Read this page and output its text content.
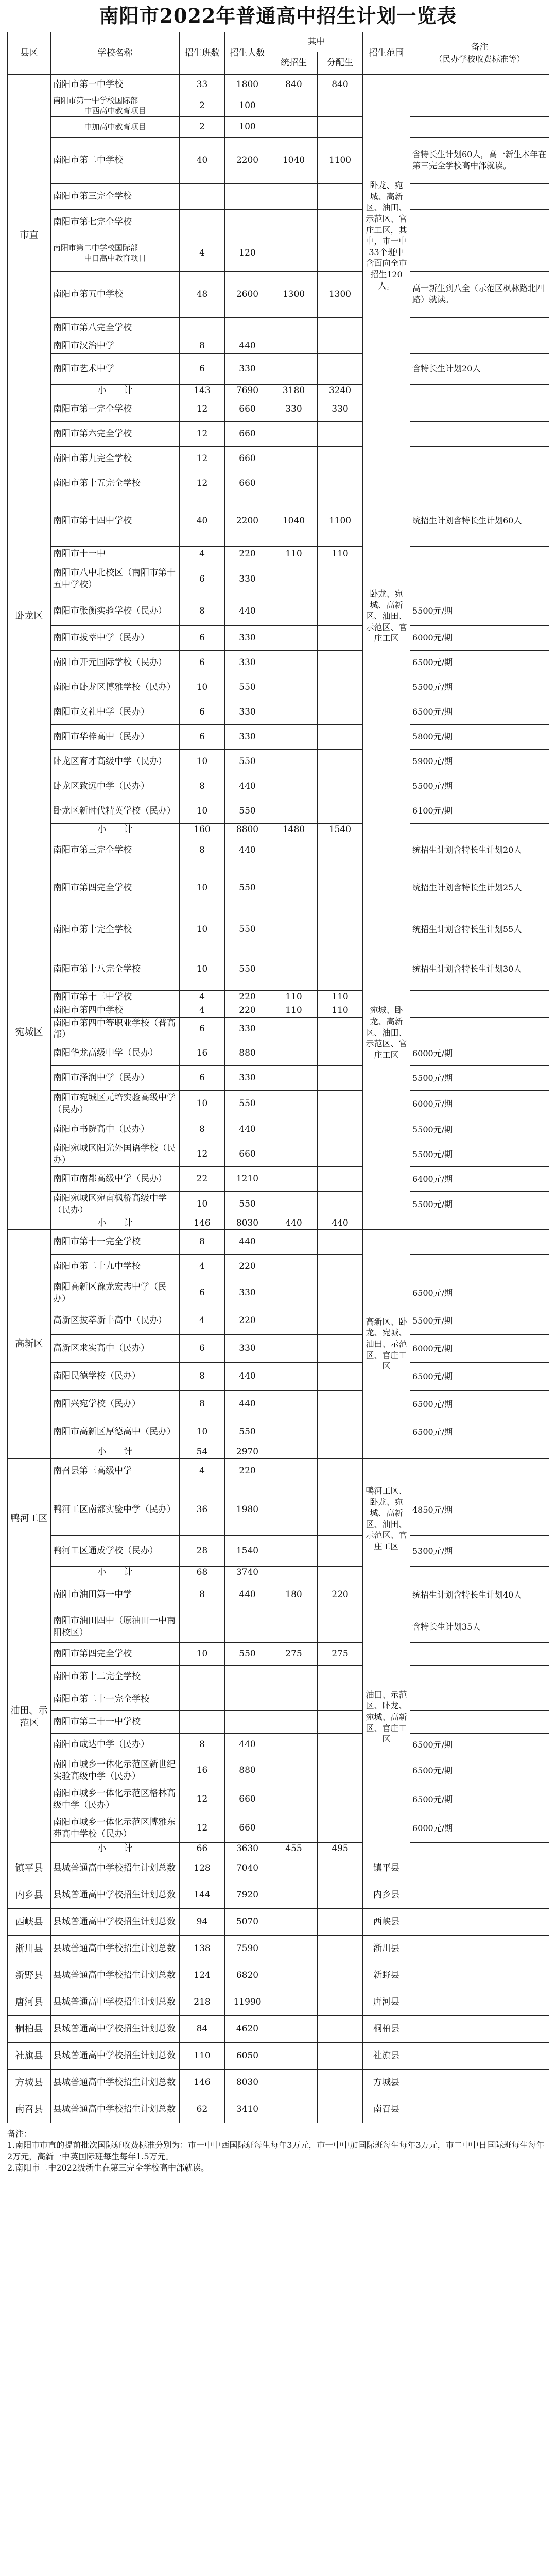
南阳市2022年普通高中招生计划一览表
县区	学校名称	招生班数	招生人数	其中		招生范围	备注
（民办学校收费标准等）

				统招生	分配生		
市直	南阳市第一中学校	33	1800	840	840	卧龙、宛城、高新区、油田、示范区、官庄工区，其中，市一中33个班中含面向全市招生120人。	
	南阳市第一中学校国际部
中西高中教育项目	2	100				

	中加高中教育项目	2	100				
	南阳市第二中学校	40	2200	1040	1100		含特长生计划60人，高一新生本年在第三完全学校高中部就读。
	南阳市第三完全学校						
	南阳市第七完全学校						
	南阳市第二中学校国际部
中日高中教育项目	4	120				
	南阳市第五中学校	48	2600	1300	1300		高一新生到八全（示范区枫林路北四路）就读。
	南阳市第八完全学校						
	南阳市汉治中学	8	440				
	南阳市艺术中学	6	330				含特长生计划20人
	小　　计	143	7690	3180	3240		
卧龙区	南阳市第一完全学校	12	660	330	330	卧龙、宛城、高新区、油田、示范区、官庄工区	
	南阳市第六完全学校	12	660				
	南阳市第九完全学校	12	660				
	南阳市第十五完全学校	12	660				
	南阳市第十四中学校	40	2200	1040	1100		统招生计划含特长生计划60人
	南阳市十一中	4	220	110	110		
	南阳市八中北校区（南阳市第十五中学校）	6	330				
	南阳市张衡实验学校（民办）	8	440				5500元/期
	南阳市拔萃中学（民办）	6	330				6000元/期
	南阳市开元国际学校（民办）	6	330				6500元/期
	南阳市卧龙区博雅学校（民办）	10	550				5500元/期
	南阳市文礼中学（民办）	6	330				6500元/期
	南阳市华梓高中（民办）	6	330				5800元/期
	卧龙区育才高级中学（民办）	10	550				5900元/期
	卧龙区致远中学（民办）	8	440				5500元/期
	卧龙区新时代精英学校（民办）	10	550				6100元/期
	小　　计	160	8800	1480	1540		
宛城区	南阳市第三完全学校	8	440			宛城、卧龙、高新区、油田、示范区、官庄工区	统招生计划含特长生计划20人
	南阳市第四完全学校	10	550				统招生计划含特长生计划25人
	南阳市第十完全学校	10	550				统招生计划含特长生计划55人
	南阳市第十八完全学校	10	550				统招生计划含特长生计划30人
	南阳市第十三中学校	4	220	110	110		
	南阳市第四中学校	4	220	110	110		
	南阳市第四中等职业学校（普高部）	6	330				
	南阳华龙高级中学（民办）	16	880				6000元/期
	南阳市泽润中学（民办）	6	330				5500元/期
	南阳市宛城区元培实验高级中学（民办）	10	550				6000元/期
	南阳市书院高中（民办）	8	440				5500元/期
	南阳宛城区阳光外国语学校（民办）	12	660				5500元/期
	南阳市南都高级中学（民办）	22	1210				6400元/期
	南阳宛城区宛南枫桥高级中学（民办）	10	550				5500元/期
	小　　计	146	8030	440	440		
高新区	南阳市第十一完全学校	8	440			高新区、卧龙、宛城、油田、示范区、官庄工区	
	南阳市第二十九中学校	4	220				
	南阳高新区豫龙宏志中学（民办）	6	330				6500元/期
	高新区拔萃新丰高中（民办）	4	220				5500元/期
	高新区求实高中（民办）	6	330				6000元/期
	南阳民德学校（民办）	8	440				6500元/期
	南阳兴宛学校（民办）	8	440				6500元/期
	南阳市高新区厚德高中（民办）	10	550				6500元/期
	小　　计	54	2970				
鸭河工区	南召县第三高级中学	4	220			鸭河工区、卧龙、宛城、高新区、油田、示范区、官庄工区	
	鸭河工区南都实验中学（民办）	36	1980				4850元/期
	鸭河工区通成学校（民办）	28	1540				5300元/期
	小　　计	68	3740				
油田、示范区	南阳市油田第一中学	8	440	180	220	油田、示范区、卧龙、宛城、高新区、官庄工区	统招生计划含特长生计划40人
	南阳市油田四中（原油田一中南阳校区）						含特长生计划35人
	南阳市第四完全学校	10	550	275	275		
	南阳市第十二完全学校						
	南阳市第二十一完全学校						
	南阳市第二十一中学校						
	南阳市成达中学（民办）	8	440				6500元/期
	南阳市城乡一体化示范区新世纪实验高级中学（民办）	16	880				6500元/期
	南阳市城乡一体化示范区格林高级中学（民办）	12	660				6500元/期
	南阳市城乡一体化示范区博雅东苑高中学校（民办）	12	660				6000元/期
	小　　计	66	3630	455	495		
镇平县	县城普通高中学校招生计划总数	128	7040			镇平县	
内乡县	县城普通高中学校招生计划总数	144	7920			内乡县	
西峡县	县城普通高中学校招生计划总数	94	5070			西峡县	
淅川县	县城普通高中学校招生计划总数	138	7590			淅川县	
新野县	县城普通高中学校招生计划总数	124	6820			新野县	
唐河县	县城普通高中学校招生计划总数	218	11990			唐河县	
桐柏县	县城普通高中学校招生计划总数	84	4620			桐柏县	
社旗县	县城普通高中学校招生计划总数	110	6050			社旗县	
方城县	县城普通高中学校招生计划总数	146	8030			方城县	
南召县	县城普通高中学校招生计划总数	62	3410			南召县	
备注：
1.南阳市市直的提前批次国际班收费标准分别为：市一中中西国际班每生每年3万元，市一中中加国际班每生每年3万元，市二中中日国际班每生每年2万元，高新一中英国际班每生每年1.5万元。
2.南阳市二中2022级新生在第三完全学校高中部就读。
